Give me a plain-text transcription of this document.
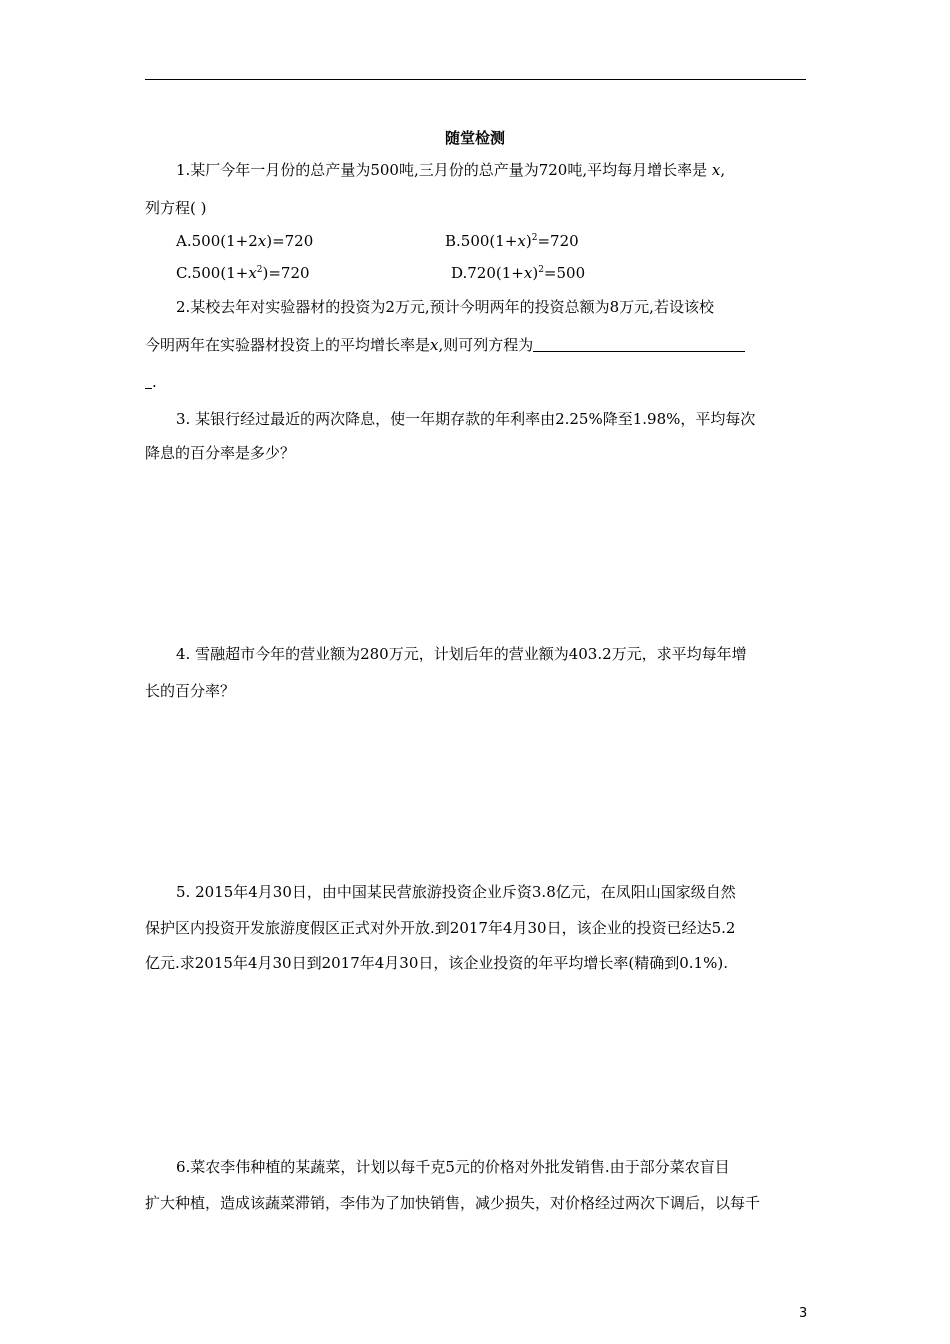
随堂检测
1.某厂今年一月份的总产量为500吨,三月份的总产量为720吨,平均每月增长率是 x,
列方程( )
A.500(1+2x)=720	$B.500(1+x)^2=720$
$C.500(1+x^2)=720$	$D.720(1+x)^2=500$
2.某校去年对实验器材的投资为2万元,预计今明两年的投资总额为8万元,若设该校
今明两年在实验器材投资上的平均增长率是x,则可列方程为
.
3. 某银行经过最近的两次降息，使一年期存款的年利率由2.25%降至1.98%，平均每次
降息的百分率是多少？
4. 雪融超市今年的营业额为280万元，计划后年的营业额为403.2万元，求平均每年增
长的百分率？
5. 2015年4月30日，由中国某民营旅游投资企业斥资3.8亿元，在凤阳山国家级自然
保护区内投资开发旅游度假区正式对外开放.到2017年4月30日，该企业的投资已经达5.2
亿元.求2015年4月30日到2017年4月30日，该企业投资的年平均增长率(精确到0.1%).
6.菜农李伟种植的某蔬菜，计划以每千克5元的价格对外批发销售.由于部分菜农盲目
扩大种植，造成该蔬菜滞销，李伟为了加快销售，减少损失，对价格经过两次下调后，以每千
3
